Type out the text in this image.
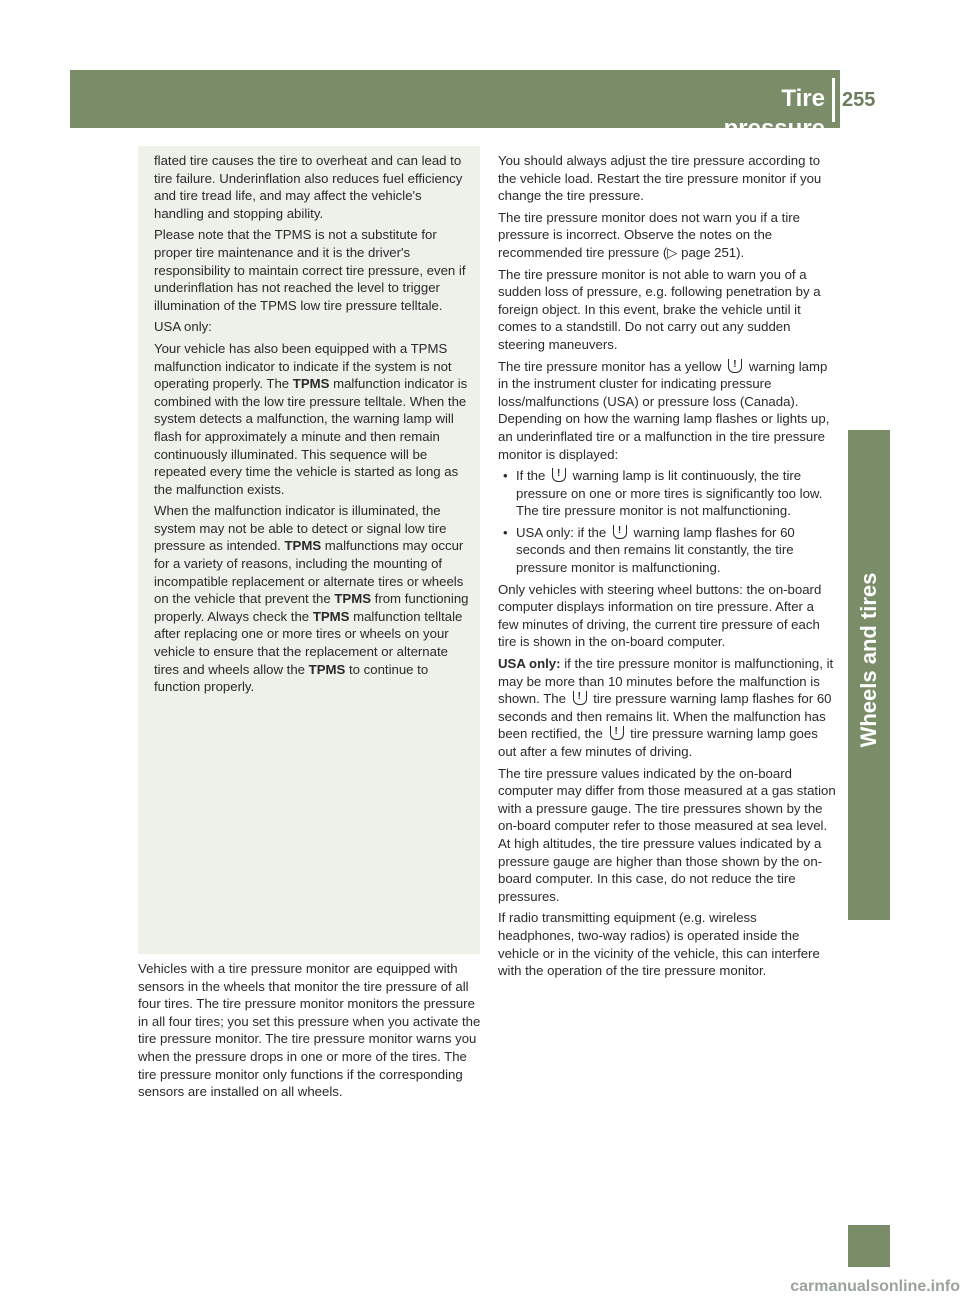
Tire pressure
255
Wheels and tires

flated tire causes the tire to overheat and can lead to tire failure. Underinflation also reduces fuel efficiency and tire tread life, and may affect the vehicle's handling and stopping ability.

Please note that the TPMS is not a substitute for proper tire maintenance and it is the driver's responsibility to maintain correct tire pressure, even if underinflation has not reached the level to trigger illumination of the TPMS low tire pressure telltale.

USA only:

Your vehicle has also been equipped with a TPMS malfunction indicator to indicate if the system is not operating properly. The TPMS malfunction indicator is combined with the low tire pressure telltale. When the system detects a malfunction, the warning lamp will flash for approximately a minute and then remain continuously illuminated. This sequence will be repeated every time the vehicle is started as long as the malfunction exists.

When the malfunction indicator is illuminated, the system may not be able to detect or signal low tire pressure as intended. TPMS malfunctions may occur for a variety of reasons, including the mounting of incompatible replacement or alternate tires or wheels on the vehicle that prevent the TPMS from functioning properly. Always check the TPMS malfunction telltale after replacing one or more tires or wheels on your vehicle to ensure that the replacement or alternate tires and wheels allow the TPMS to continue to function properly.

Vehicles with a tire pressure monitor are equipped with sensors in the wheels that monitor the tire pressure of all four tires. The tire pressure monitor monitors the pressure in all four tires; you set this pressure when you activate the tire pressure monitor. The tire pressure monitor warns you when the pressure drops in one or more of the tires. The tire pressure monitor only functions if the corresponding sensors are installed on all wheels.

You should always adjust the tire pressure according to the vehicle load. Restart the tire pressure monitor if you change the tire pressure.

The tire pressure monitor does not warn you if a tire pressure is incorrect. Observe the notes on the recommended tire pressure (▷ page 251).

The tire pressure monitor is not able to warn you of a sudden loss of pressure, e.g. following penetration by a foreign object. In this event, brake the vehicle until it comes to a standstill. Do not carry out any sudden steering maneuvers.

The tire pressure monitor has a yellow ! warning lamp in the instrument cluster for indicating pressure loss/malfunctions (USA) or pressure loss (Canada). Depending on how the warning lamp flashes or lights up, an underinflated tire or a malfunction in the tire pressure monitor is displayed:

• If the ! warning lamp is lit continuously, the tire pressure on one or more tires is significantly too low. The tire pressure monitor is not malfunctioning.
• USA only: if the ! warning lamp flashes for 60 seconds and then remains lit constantly, the tire pressure monitor is malfunctioning.

Only vehicles with steering wheel buttons: the on-board computer displays information on tire pressure. After a few minutes of driving, the current tire pressure of each tire is shown in the on-board computer.

USA only: if the tire pressure monitor is malfunctioning, it may be more than 10 minutes before the malfunction is shown. The ! tire pressure warning lamp flashes for 60 seconds and then remains lit. When the malfunction has been rectified, the ! tire pressure warning lamp goes out after a few minutes of driving.

The tire pressure values indicated by the on-board computer may differ from those measured at a gas station with a pressure gauge. The tire pressures shown by the on-board computer refer to those measured at sea level. At high altitudes, the tire pressure values indicated by a pressure gauge are higher than those shown by the on-board computer. In this case, do not reduce the tire pressures.

If radio transmitting equipment (e.g. wireless headphones, two-way radios) is operated inside the vehicle or in the vicinity of the vehicle, this can interfere with the operation of the tire pressure monitor.

carmanualsonline.info
